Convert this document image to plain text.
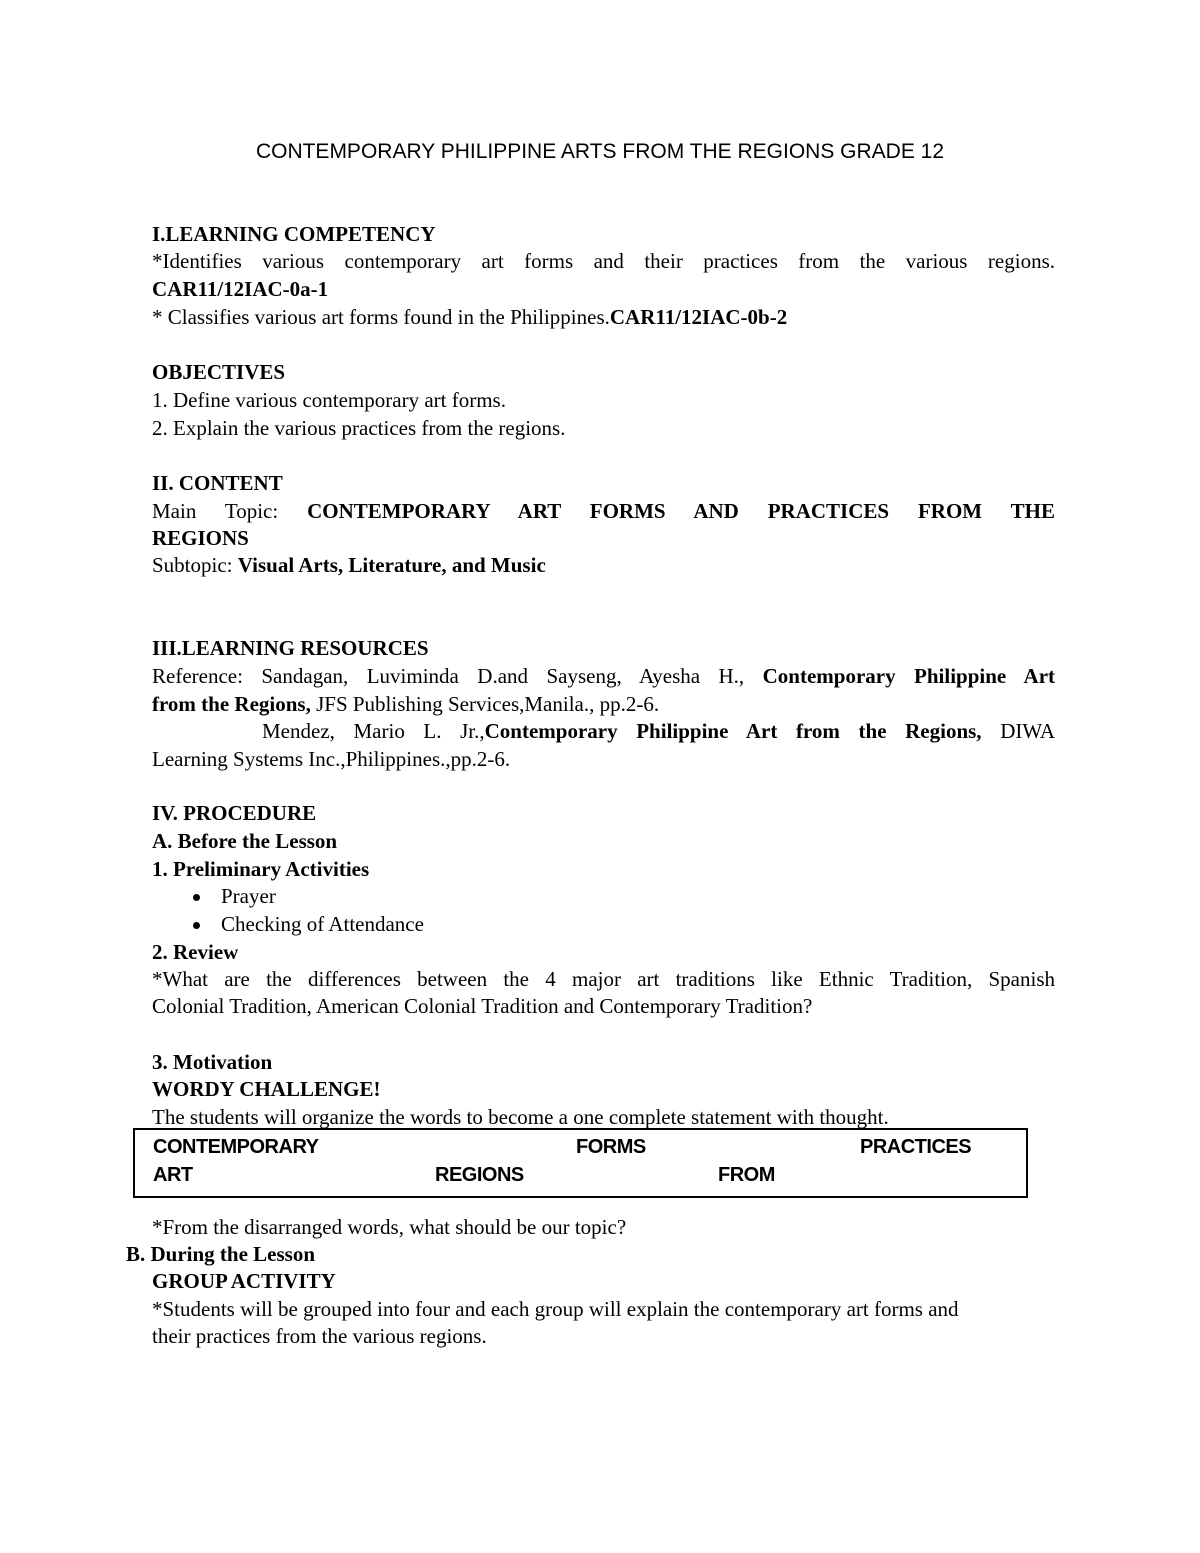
CONTEMPORARY PHILIPPINE ARTS FROM THE REGIONS GRADE 12
I.LEARNING COMPETENCY
*Identifies various contemporary art forms and their practices from the various regions.
CAR11/12IAC-0a-1
* Classifies various art forms found in the Philippines.CAR11/12IAC-0b-2
OBJECTIVES
1. Define various contemporary art forms.
2. Explain the various practices from the regions.
II. CONTENT
Main Topic: CONTEMPORARY ART FORMS AND PRACTICES FROM THE
REGIONS
Subtopic: Visual Arts, Literature, and Music
III.LEARNING RESOURCES
Reference: Sandagan, Luviminda D.and Sayseng, Ayesha H., Contemporary Philippine Art
from the Regions, JFS Publishing Services,Manila., pp.2-6.
Mendez, Mario L. Jr.,Contemporary Philippine Art from the Regions, DIWA
Learning Systems Inc.,Philippines.,pp.2-6.
IV. PROCEDURE
A. Before the Lesson
1. Preliminary Activities
Prayer
Checking of Attendance
2. Review
*What are the differences between the 4 major art traditions like Ethnic Tradition, Spanish
Colonial Tradition, American Colonial Tradition and Contemporary Tradition?
3. Motivation
WORDY CHALLENGE!
The students will organize the words to become a one complete statement with thought.
CONTEMPORARY	FORMS	PRACTICES
ART	REGIONS	FROM
*From the disarranged words, what should be our topic?
B. During the Lesson
GROUP ACTIVITY
*Students will be grouped into four and each group will explain the contemporary art forms and
their practices from the various regions.
